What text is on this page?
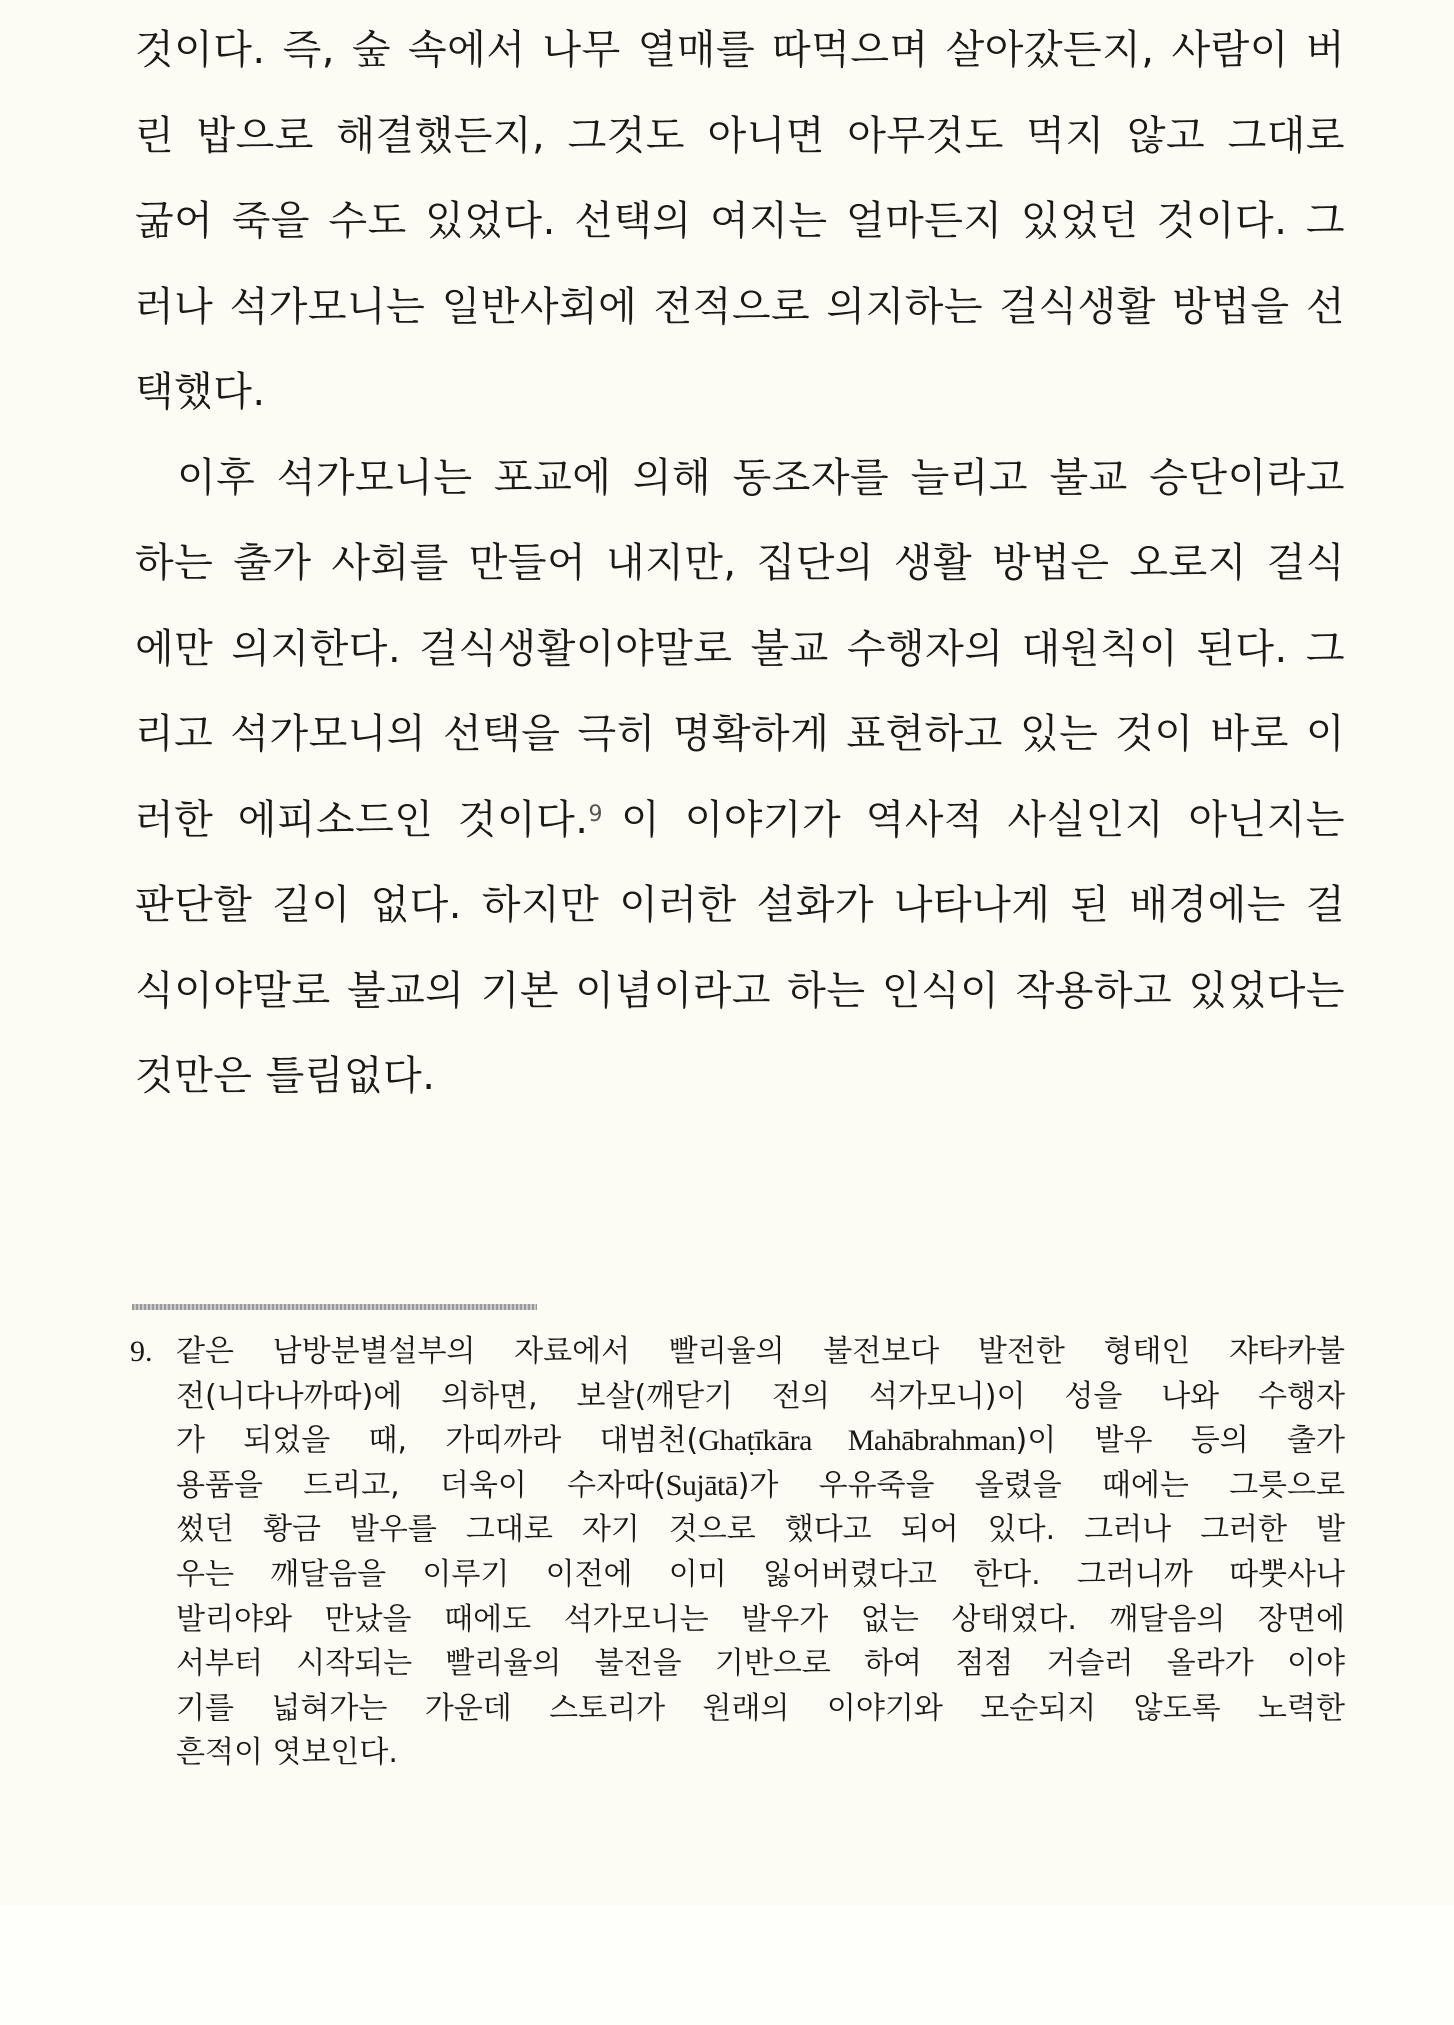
것이다. 즉, 숲 속에서 나무 열매를 따먹으며 살아갔든지, 사람이 버
린 밥으로 해결했든지, 그것도 아니면 아무것도 먹지 않고 그대로
굶어 죽을 수도 있었다. 선택의 여지는 얼마든지 있었던 것이다. 그
러나 석가모니는 일반사회에 전적으로 의지하는 걸식생활 방법을 선
택했다.
이후 석가모니는 포교에 의해 동조자를 늘리고 불교 승단이라고
하는 출가 사회를 만들어 내지만, 집단의 생활 방법은 오로지 걸식
에만 의지한다. 걸식생활이야말로 불교 수행자의 대원칙이 된다. 그
리고 석가모니의 선택을 극히 명확하게 표현하고 있는 것이 바로 이
러한 에피소드인 것이다.$^9$ 이 이야기가 역사적 사실인지 아닌지는
판단할 길이 없다. 하지만 이러한 설화가 나타나게 된 배경에는 걸
식이야말로 불교의 기본 이념이라고 하는 인식이 작용하고 있었다는
것만은 틀림없다.
9. 같은 남방분별설부의 자료에서 빨리율의 불전보다 발전한 형태인 쟈타카불
전(니다나까따)에 의하면, 보살(깨닫기 전의 석가모니)이 성을 나와 수행자
가 되었을 때, 가띠까라 대범천(Ghaṭīkāra Mahābrahman)이 발우 등의 출가
용품을 드리고, 더욱이 수자따(Sujātā)가 우유죽을 올렸을 때에는 그릇으로
썼던 황금 발우를 그대로 자기 것으로 했다고 되어 있다. 그러나 그러한 발
우는 깨달음을 이루기 이전에 이미 잃어버렸다고 한다. 그러니까 따뿟사나
발리야와 만났을 때에도 석가모니는 발우가 없는 상태였다. 깨달음의 장면에
서부터 시작되는 빨리율의 불전을 기반으로 하여 점점 거슬러 올라가 이야
기를 넓혀가는 가운데 스토리가 원래의 이야기와 모순되지 않도록 노력한
흔적이 엿보인다.
